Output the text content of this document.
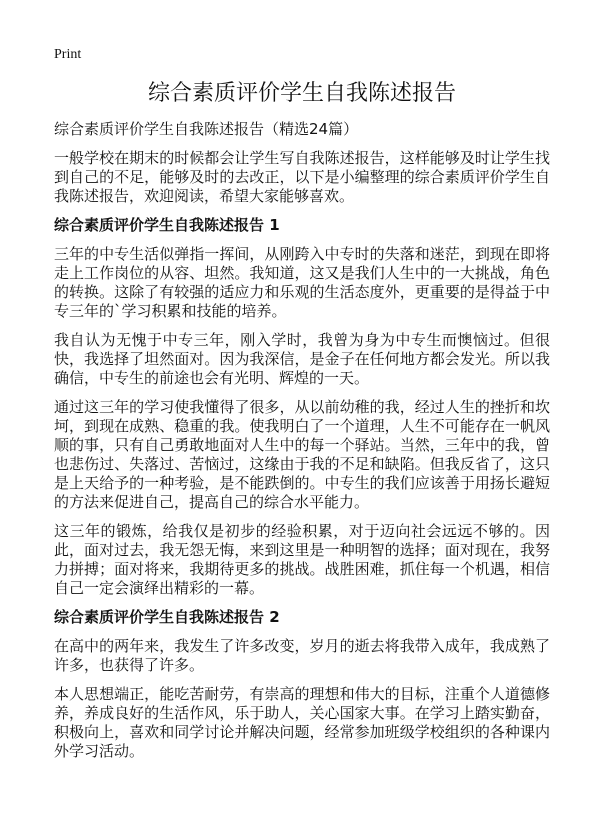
Print
综合素质评价学生自我陈述报告

综合素质评价学生自我陈述报告（精选24篇）

一般学校在期末的时候都会让学生写自我陈述报告，这样能够及时让学生找到自己的不足，能够及时的去改正，以下是小编整理的综合素质评价学生自我陈述报告，欢迎阅读，希望大家能够喜欢。

综合素质评价学生自我陈述报告 1

三年的中专生活似弹指一挥间，从刚跨入中专时的失落和迷茫，到现在即将走上工作岗位的从容、坦然。我知道，这又是我们人生中的一大挑战，角色的转换。这除了有较强的适应力和乐观的生活态度外，更重要的是得益于中专三年的`学习积累和技能的培养。

我自认为无愧于中专三年，刚入学时，我曾为身为中专生而懊恼过。但很快，我选择了坦然面对。因为我深信，是金子在任何地方都会发光。所以我确信，中专生的前途也会有光明、辉煌的一天。

通过这三年的学习使我懂得了很多，从以前幼稚的我，经过人生的挫折和坎坷，到现在成熟、稳重的我。使我明白了一个道理，人生不可能存在一帆风顺的事，只有自己勇敢地面对人生中的每一个驿站。当然，三年中的我，曾也悲伤过、失落过、苦恼过，这缘由于我的不足和缺陷。但我反省了，这只是上天给予的一种考验，是不能跌倒的。中专生的我们应该善于用扬长避短的方法来促进自己，提高自己的综合水平能力。

这三年的锻炼，给我仅是初步的经验积累，对于迈向社会远远不够的。因此，面对过去，我无怨无悔，来到这里是一种明智的选择；面对现在，我努力拼搏；面对将来，我期待更多的挑战。战胜困难，抓住每一个机遇，相信自己一定会演绎出精彩的一幕。

综合素质评价学生自我陈述报告 2

在高中的两年来，我发生了许多改变，岁月的逝去将我带入成年，我成熟了许多，也获得了许多。

本人思想端正，能吃苦耐劳，有崇高的理想和伟大的目标，注重个人道德修养，养成良好的生活作风，乐于助人，关心国家大事。在学习上踏实勤奋，积极向上，喜欢和同学讨论并解决问题，经常参加班级学校组织的各种课内外学习活动。
